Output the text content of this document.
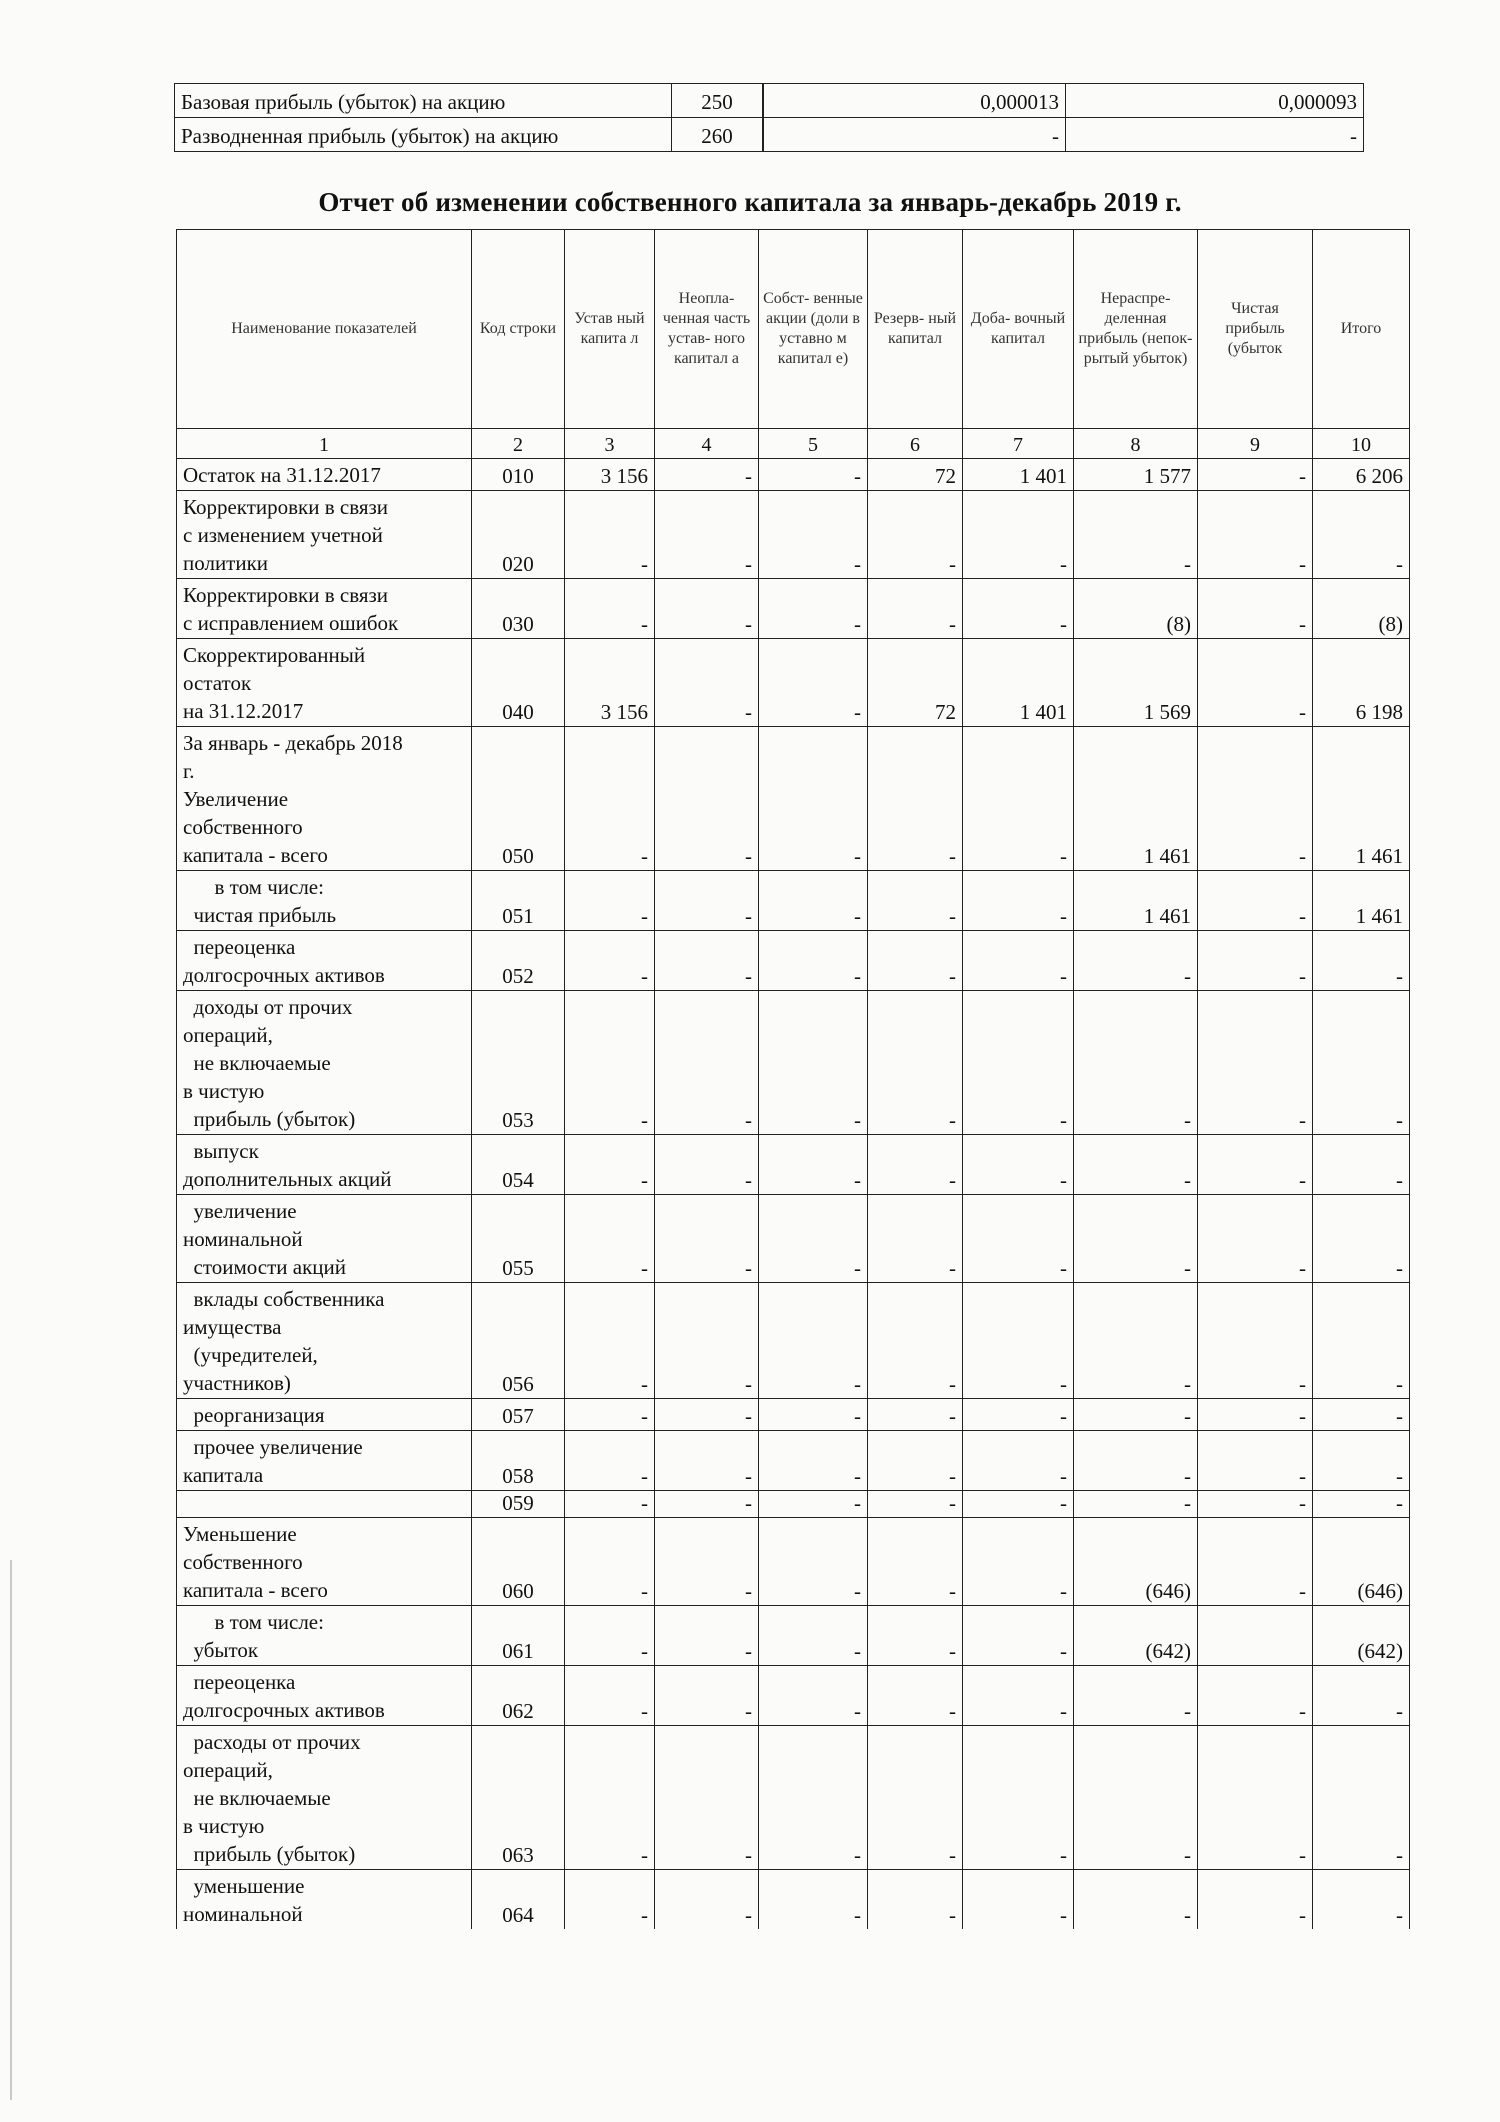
Базовая прибыль (убыток) на акцию	250		0,000013	0,000093
Разводненная прибыль (убыток) на акцию	260		-	-
Отчет об изменении собственного капитала за январь-декабрь 2019 г.
Наименование показателей	Код строки	Устав ный капита л	Неопла- ченная часть устав- ного капитал а	Собст- венные акции (доли в уставно м капитал е)	Резерв- ный капитал	Доба- вочный капитал	Нераспре- деленная прибыль (непок- рытый убыток)	Чистая прибыль (убыток	Итого
1	2	3	4	5	6	7	8	9	10
Остаток на 31.12.2017	010	3 156	-	-	72	1 401	1 577	-	6 206
Корректировки в связи
с изменением учетной
политики	020	-	-	-	-	-	-	-	-
Корректировки в связи
с исправлением ошибок	030	-	-	-	-	-	(8)	-	(8)
Скорректированный
остаток
на 31.12.2017	040	3 156	-	-	72	1 401	1 569	-	6 198
За январь - декабрь 2018
г.
Увеличение
собственного
капитала - всего	050	-	-	-	-	-	1 461	-	1 461
в том числе:
чистая прибыль	051	-	-	-	-	-	1 461	-	1 461
переоценка
долгосрочных активов	052	-	-	-	-	-	-	-	-
доходы от прочих
операций,
не включаемые
в чистую
прибыль (убыток)	053	-	-	-	-	-	-	-	-
выпуск
дополнительных акций	054	-	-	-	-	-	-	-	-
увеличение
номинальной
стоимости акций	055	-	-	-	-	-	-	-	-
вклады собственника
имущества
(учредителей,
участников)	056	-	-	-	-	-	-	-	-
реорганизация	057	-	-	-	-	-	-	-	-
прочее увеличение
капитала	058	-	-	-	-	-	-	-	-
	059	-	-	-	-	-	-	-	-
Уменьшение
собственного
капитала - всего	060	-	-	-	-	-	(646)	-	(646)
в том числе:
убыток	061	-	-	-	-	-	(642)		(642)
переоценка
долгосрочных активов	062	-	-	-	-	-	-	-	-
расходы от прочих
операций,
не включаемые
в чистую
прибыль (убыток)	063	-	-	-	-	-	-	-	-
уменьшение
номинальной	064	-	-	-	-	-	-	-	-
